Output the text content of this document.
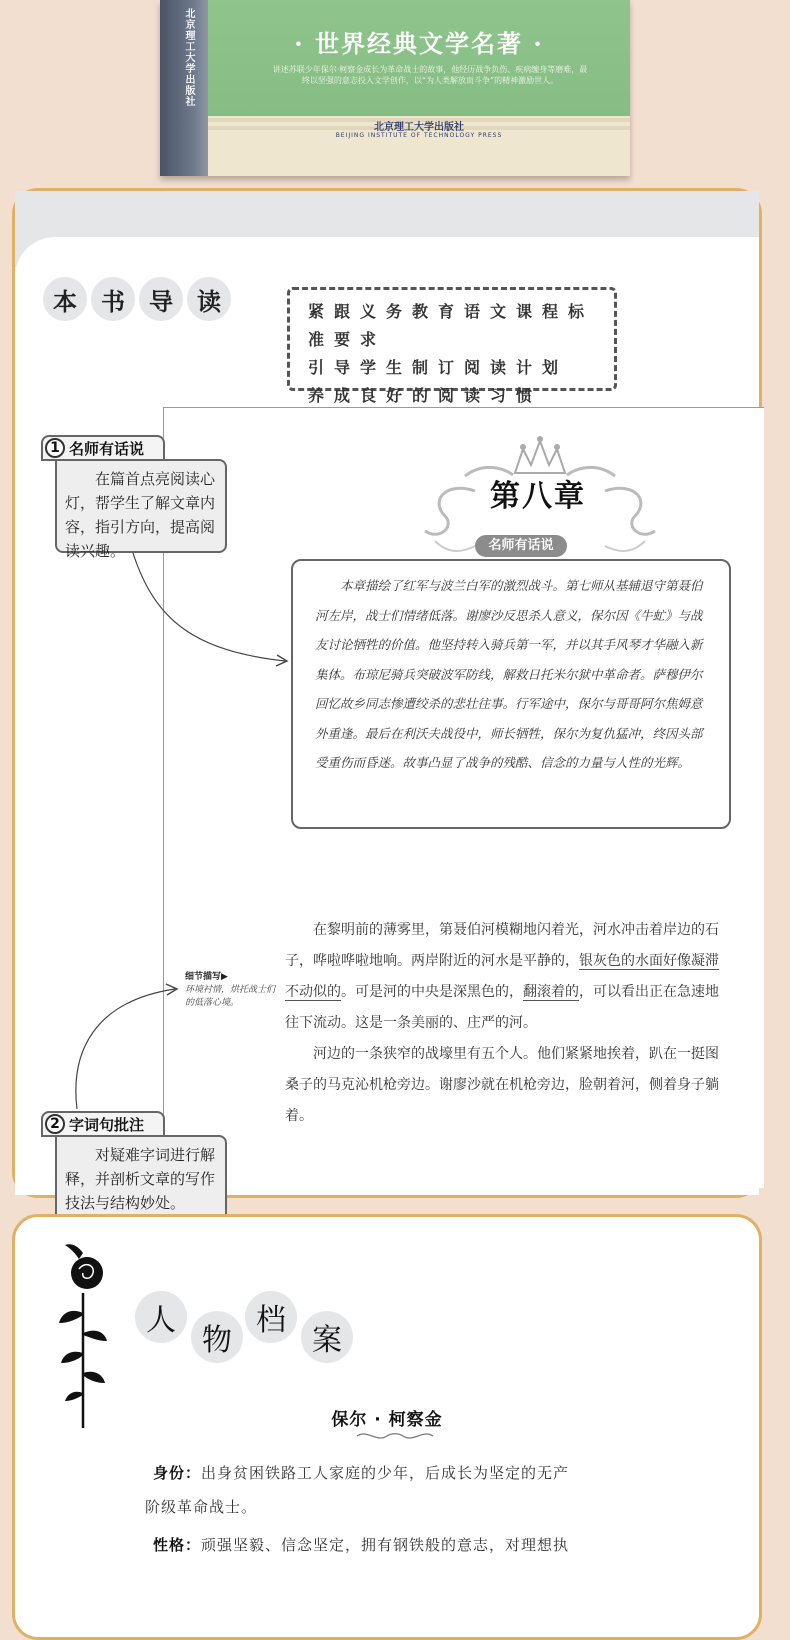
北京理工大学出版社	· 世界经典文学名著 ·
讲述苏联少年保尔·柯察金成长为革命战士的故事，他经历战争负伤、疾病缠身等磨难，最终以坚强的意志投入文学创作，以“为人类解放而斗争”的精神激励世人。
北京理工大学出版社
BEIJING INSTITUTE OF TECHNOLOGY PRESS
本	书	导	读	紧跟义务教育语文课程标准要求
引导学生制订阅读计划
养成良好的阅读习惯
第八章
名师有话说
本章描绘了红军与波兰白军的激烈战斗。第七师从基辅退守第聂伯河左岸，战士们情绪低落。谢廖沙反思杀人意义，保尔因《牛虻》与战友讨论牺牲的价值。他坚持转入骑兵第一军，并以其手风琴才华融入新集体。布琼尼骑兵突破波军防线，解救日托米尔狱中革命者。萨穆伊尔回忆故乡同志惨遭绞杀的悲壮往事。行军途中，保尔与哥哥阿尔焦姆意外重逢。最后在利沃夫战役中，师长牺牲，保尔为复仇猛冲，终因头部受重伤而昏迷。故事凸显了战争的残酷、信念的力量与人性的光辉。
1 名师有话说
在篇首点亮阅读心灯，帮学生了解文章内容，指引方向，提高阅读兴趣。
2 字词句批注
对疑难字词进行解释，并剖析文章的写作技法与结构妙处。
细节描写▶
环境衬情，烘托战士们的低落心境。

在黎明前的薄雾里，第聂伯河模糊地闪着光，河水冲击着岸边的石子，哗啦哗啦地响。两岸附近的河水是平静的，银灰色的水面好像凝滞不动似的。可是河的中央是深黑色的，翻滚着的，可以看出正在急速地往下流动。这是一条美丽的、庄严的河。

河边的一条狭窄的战壕里有五个人。他们紧紧地挨着，趴在一挺图桑子的马克沁机枪旁边。谢廖沙就在机枪旁边，脸朝着河，侧着身子躺着。

人
物
档
案
保尔 · 柯察金
身份：出身贫困铁路工人家庭的少年，后成长为坚定的无产
阶级革命战士。
性格：顽强坚毅、信念坚定，拥有钢铁般的意志，对理想执
